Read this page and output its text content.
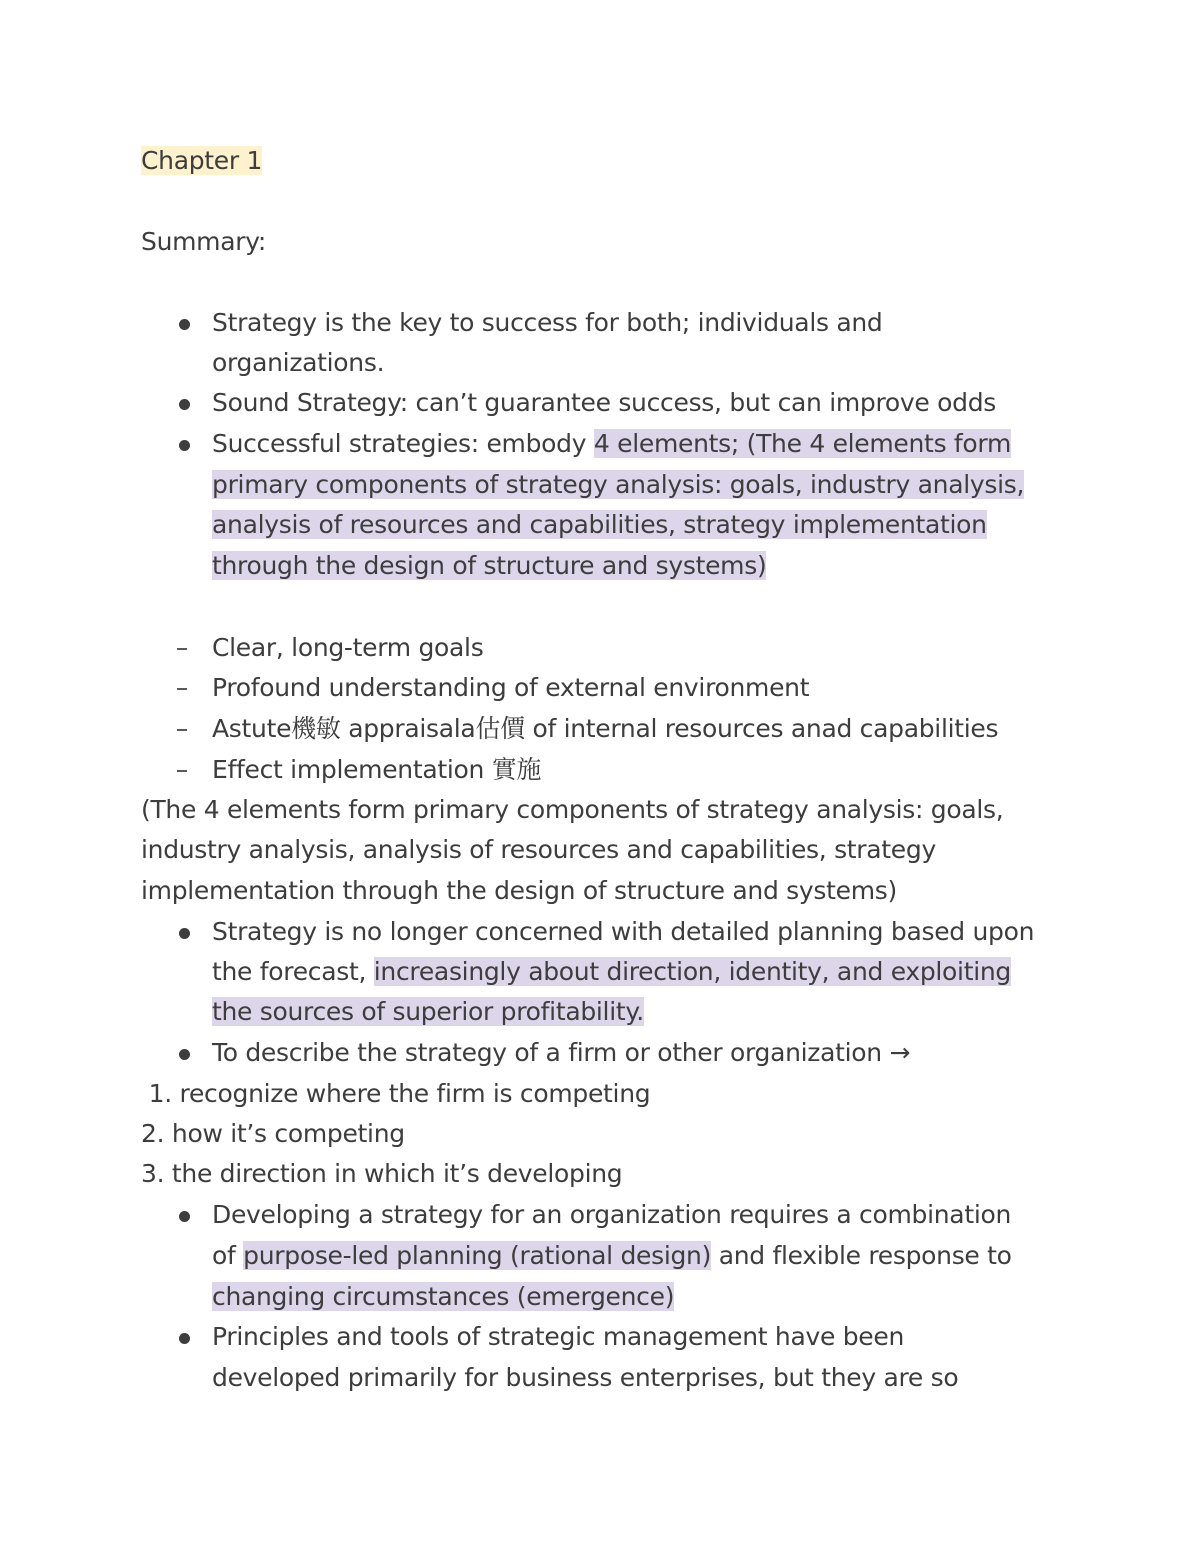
Chapter 1
Summary:
Strategy is the key to success for both; individuals and
organizations.
Sound Strategy: can’t guarantee success, but can improve odds
Successful strategies: embody 4 elements; (The 4 elements form
primary components of strategy analysis: goals, industry analysis,
analysis of resources and capabilities, strategy implementation
through the design of structure and systems)
Clear, long-term goals
Profound understanding of external environment
Astute機敏 appraisala估價 of internal resources anad capabilities
Effect implementation 實施
(The 4 elements form primary components of strategy analysis: goals,
industry analysis, analysis of resources and capabilities, strategy
implementation through the design of structure and systems)
Strategy is no longer concerned with detailed planning based upon
the forecast, increasingly about direction, identity, and exploiting
the sources of superior profitability.
To describe the strategy of a firm or other organization →
1. recognize where the firm is competing
2. how it’s competing
3. the direction in which it’s developing
Developing a strategy for an organization requires a combination
of purpose-led planning (rational design) and flexible response to
changing circumstances (emergence)
Principles and tools of strategic management have been
developed primarily for business enterprises, but they are so
